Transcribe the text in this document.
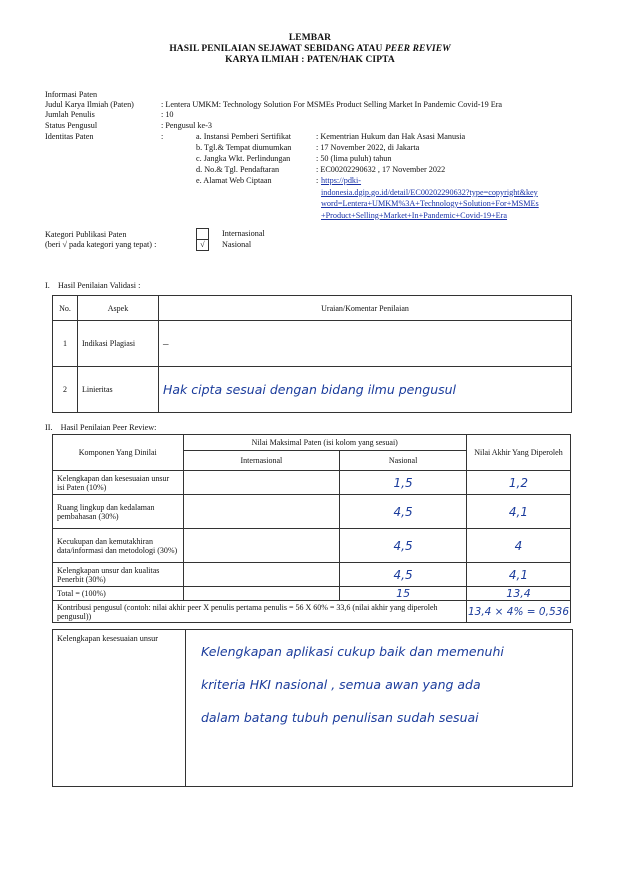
LEMBAR
HASIL PENILAIAN SEJAWAT SEBIDANG ATAU PEER REVIEW
KARYA ILMIAH : PATEN/HAK CIPTA
Informasi Paten
Judul Karya Ilmiah (Paten)	: Lentera UMKM: Technology Solution For MSMEs Product Selling Market In Pandemic Covid-19 Era
Jumlah Penulis	: 10
Status Pengusul	: Pengusul ke-3
Identitas Paten	:	a. Instansi Pemberi Sertifikat	: Kementrian Hukum dan Hak Asasi Manusia
b. Tgl.& Tempat diumumkan	: 17 November 2022, di Jakarta
c. Jangka Wkt. Perlindungan	: 50 (lima puluh) tahun
d. No.& Tgl. Pendaftaran	: EC00202290632 , 17 November 2022
e. Alamat Web Ciptaan	: https://pdki-
indonesia.dgip.go.id/detail/EC00202290632?type=copyright&key
word=Lentera+UMKM%3A+Technology+Solution+For+MSMEs
+Product+Selling+Market+In+Pandemic+Covid-19+Era
Kategori Publikasi Paten
(beri √ pada kategori yang tepat) :
Internasional
√	Nasional
I.    Hasil Penilaian Validasi :
No.	Aspek	Uraian/Komentar Penilaian
1	Indikasi Plagiasi	–
2	Linieritas	Hak cipta sesuai dengan bidang ilmu pengusul
II.    Hasil Penilaian Peer Review:
Komponen Yang Dinilai	Nilai Maksimal Paten (isi kolom yang sesuai)		Nilai Akhir Yang Diperoleh
	Internasional	Nasional	
Kelengkapan dan kesesuaian unsur isi Paten (10%)		1,5	1,2
Ruang lingkup dan kedalaman pembahasan (30%)		4,5	4,1
Kecukupan dan kemutakhiran data/informasi dan metodologi (30%)		4,5	4
Kelengkapan unsur dan kualitas Penerbit (30%)		4,5	4,1
Total = (100%)		15	13,4
Kontribusi pengusul (contoh: nilai akhir peer X penulis pertama penulis = 56 X 60% = 33,6 (nilai akhir yang diperoleh pengusul))			13,4 × 4% = 0,536
Kelengkapan kesesuaian unsur
Kelengkapan aplikasi cukup baik dan memenuhi
kriteria HKI nasional , semua awan yang ada
dalam batang tubuh penulisan sudah sesuai
